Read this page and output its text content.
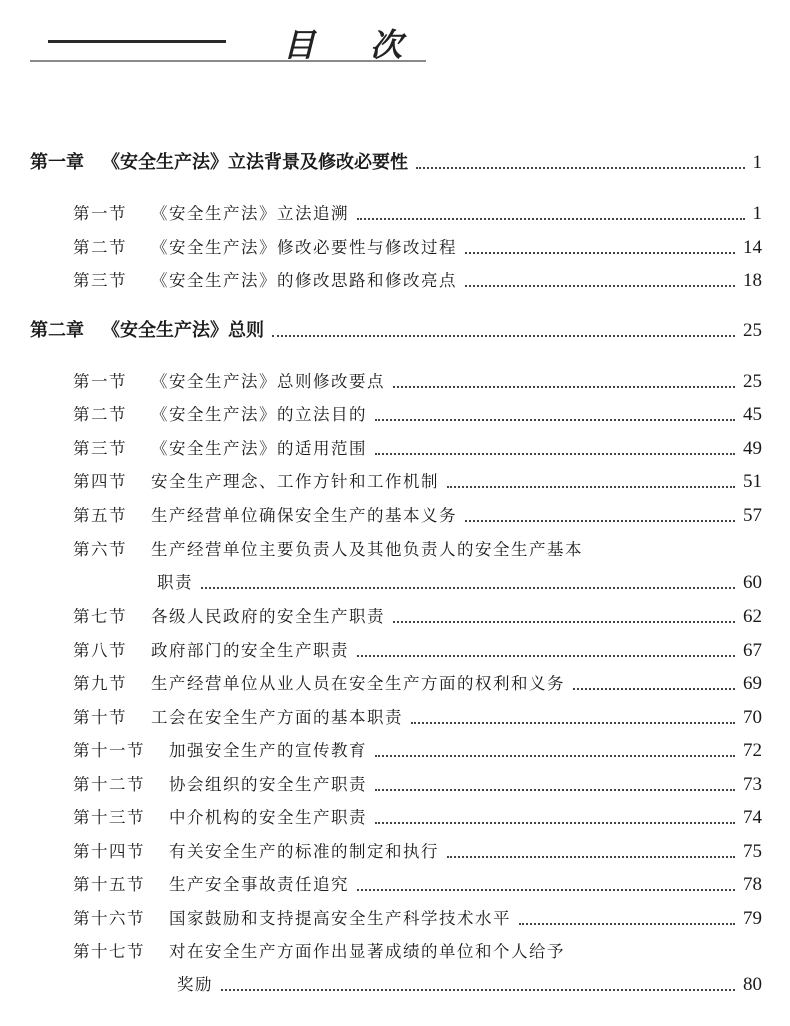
目 次
第一章 《安全生产法》立法背景及修改必要性	1
第一节 《安全生产法》立法追溯	1
第二节 《安全生产法》修改必要性与修改过程	14
第三节 《安全生产法》的修改思路和修改亮点	18
第二章 《安全生产法》总则	25
第一节 《安全生产法》总则修改要点	25
第二节 《安全生产法》的立法目的	45
第三节 《安全生产法》的适用范围	49
第四节 安全生产理念、工作方针和工作机制	51
第五节 生产经营单位确保安全生产的基本义务	57
第六节 生产经营单位主要负责人及其他负责人的安全生产基本
职责	60
第七节 各级人民政府的安全生产职责	62
第八节 政府部门的安全生产职责	67
第九节 生产经营单位从业人员在安全生产方面的权利和义务	69
第十节 工会在安全生产方面的基本职责	70
第十一节 加强安全生产的宣传教育	72
第十二节 协会组织的安全生产职责	73
第十三节 中介机构的安全生产职责	74
第十四节 有关安全生产的标准的制定和执行	75
第十五节 生产安全事故责任追究	78
第十六节 国家鼓励和支持提高安全生产科学技术水平	79
第十七节 对在安全生产方面作出显著成绩的单位和个人给予
奖励	80
